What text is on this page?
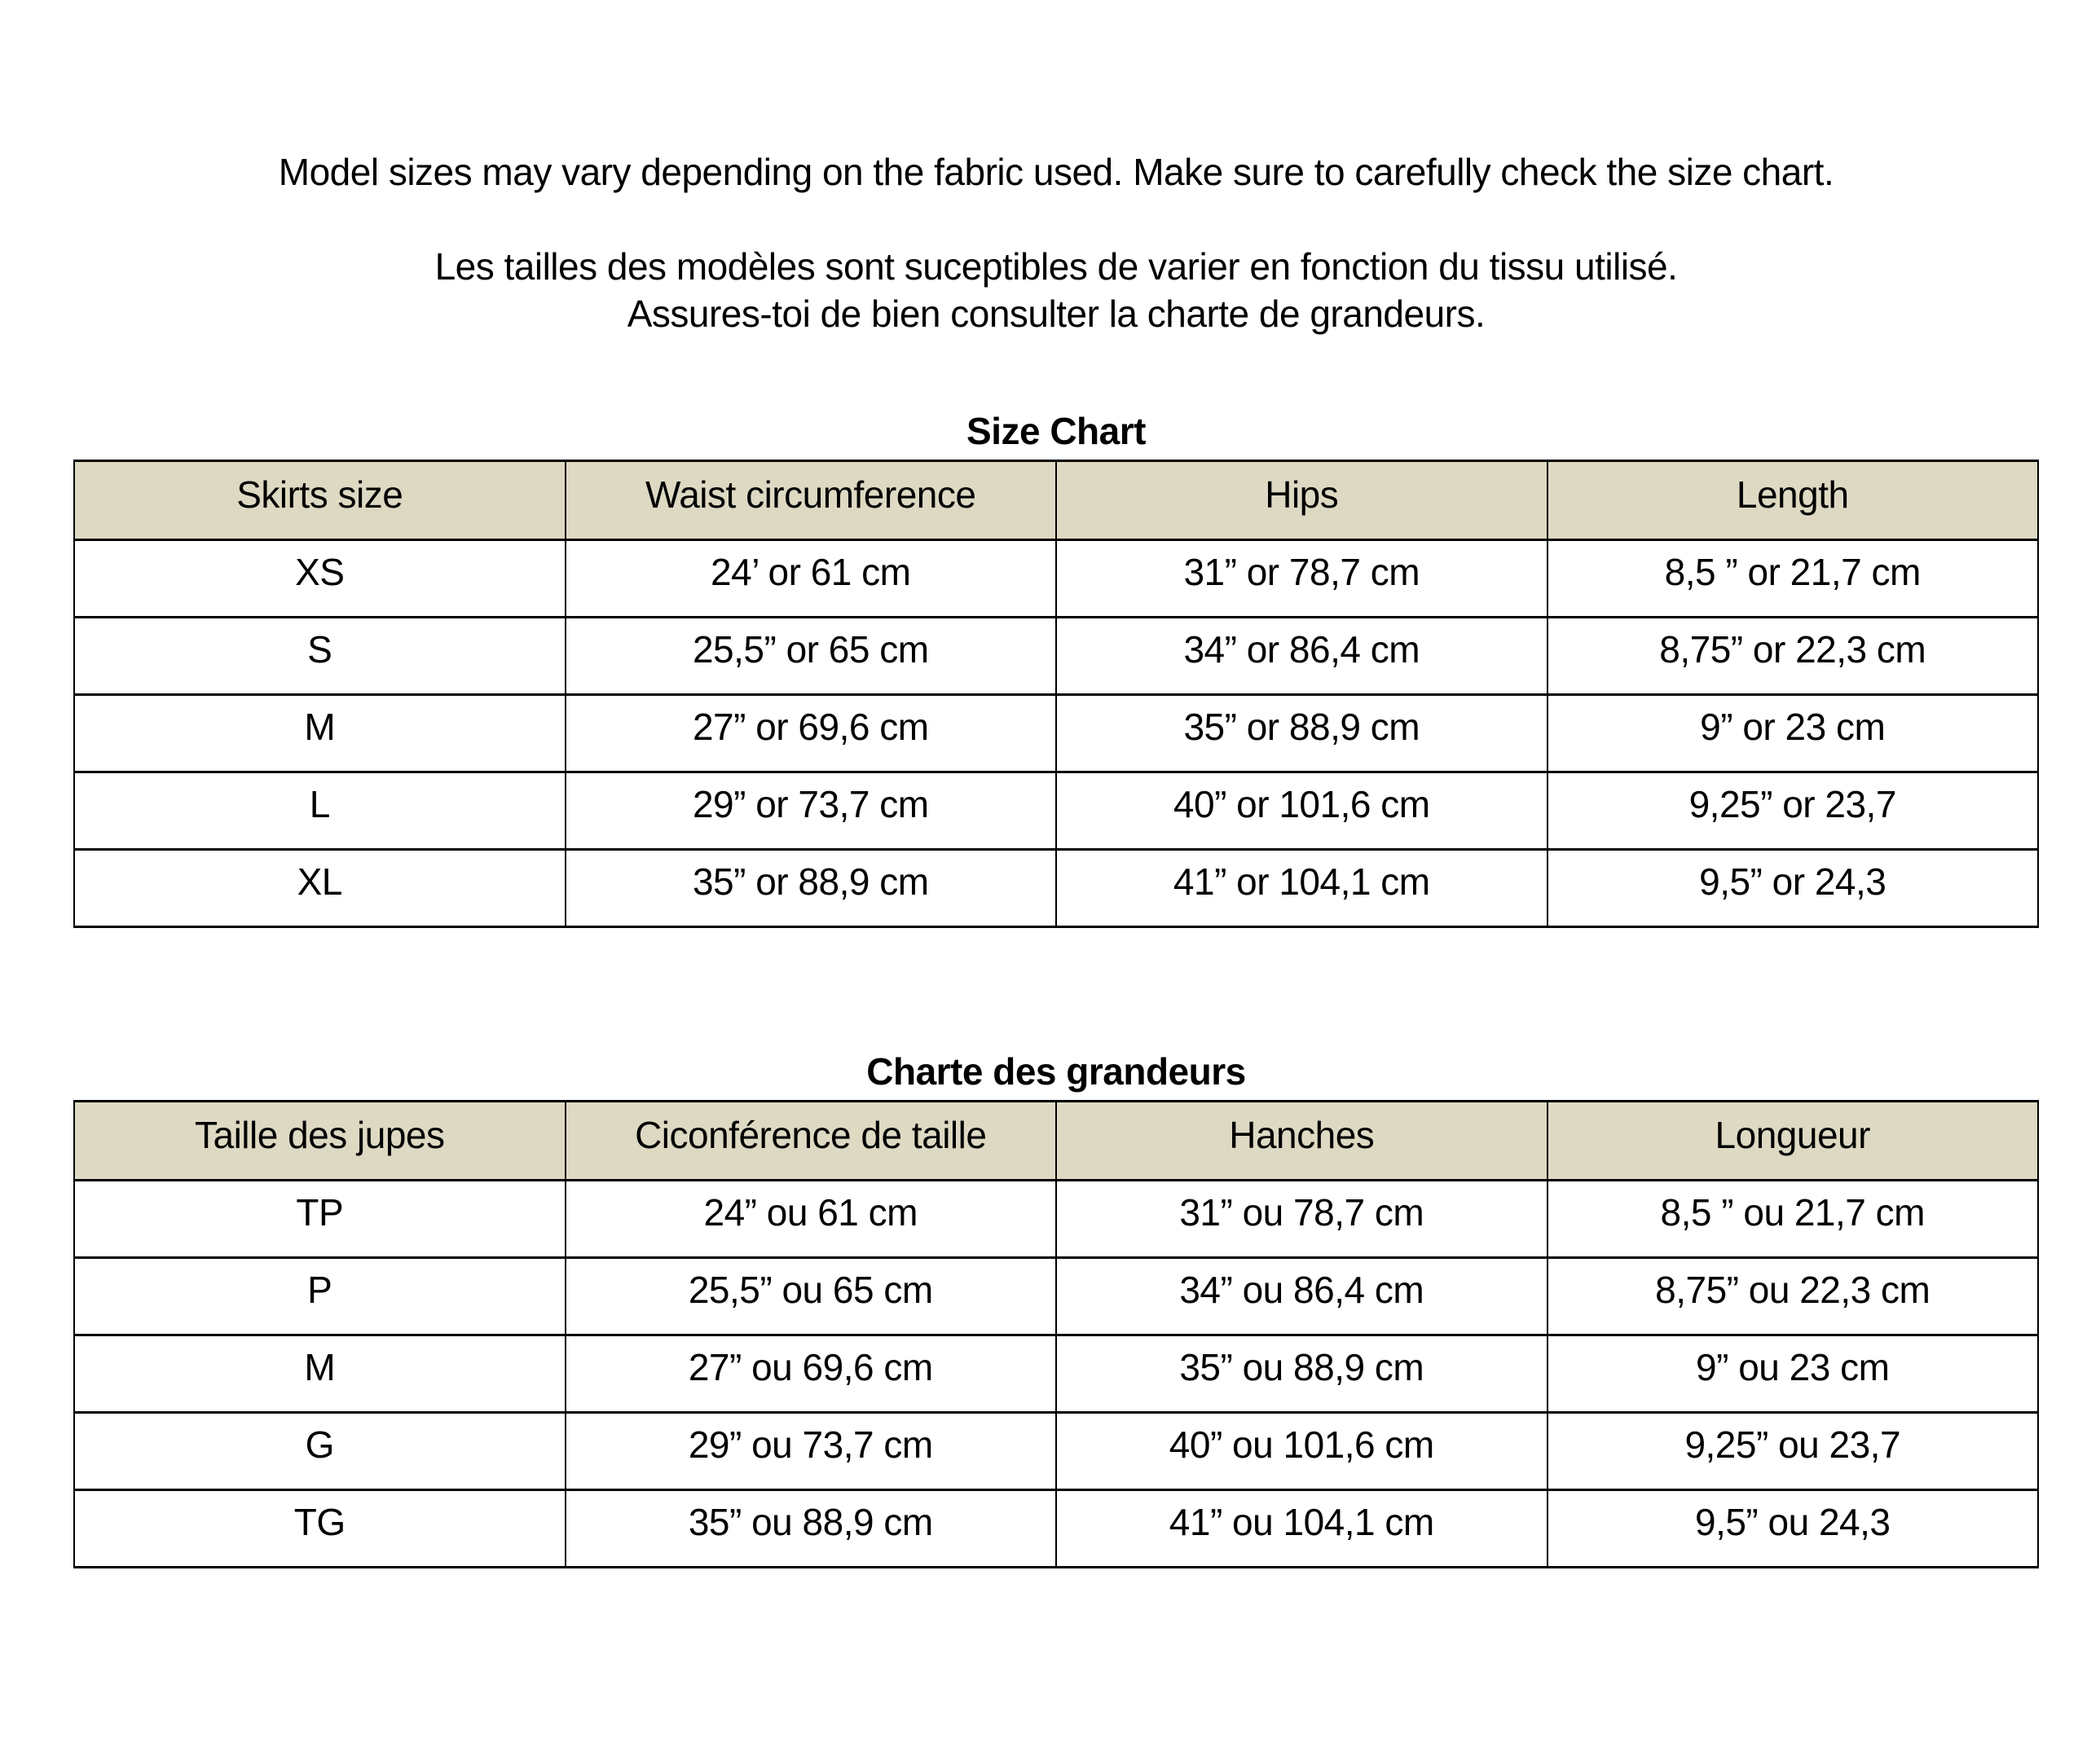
Model sizes may vary depending on the fabric used. Make sure to carefully check the size chart.

Les tailles des modèles sont suceptibles de varier en fonction du tissu utilisé.

Assures-toi de bien consulter la charte de grandeurs.

Size Chart
Skirts size	Waist circumference	Hips	Length
XS	24’ or 61 cm	31” or 78,7 cm	8,5 ” or 21,7 cm
S	25,5” or 65 cm	34” or 86,4 cm	8,75” or 22,3 cm
M	27” or 69,6 cm	35” or 88,9 cm	9” or 23 cm
L	29” or 73,7 cm	40” or 101,6 cm	9,25” or 23,7
XL	35” or 88,9 cm	41” or 104,1 cm	9,5” or 24,3
Charte des grandeurs
Taille des jupes	Ciconférence de taille	Hanches	Longueur
TP	24” ou 61 cm	31” ou 78,7 cm	8,5 ” ou 21,7 cm
P	25,5” ou 65 cm	34” ou 86,4 cm	8,75” ou 22,3 cm
M	27” ou 69,6 cm	35” ou 88,9 cm	9” ou 23 cm
G	29” ou 73,7 cm	40” ou 101,6 cm	9,25” ou 23,7
TG	35” ou 88,9 cm	41” ou 104,1 cm	9,5” ou 24,3
